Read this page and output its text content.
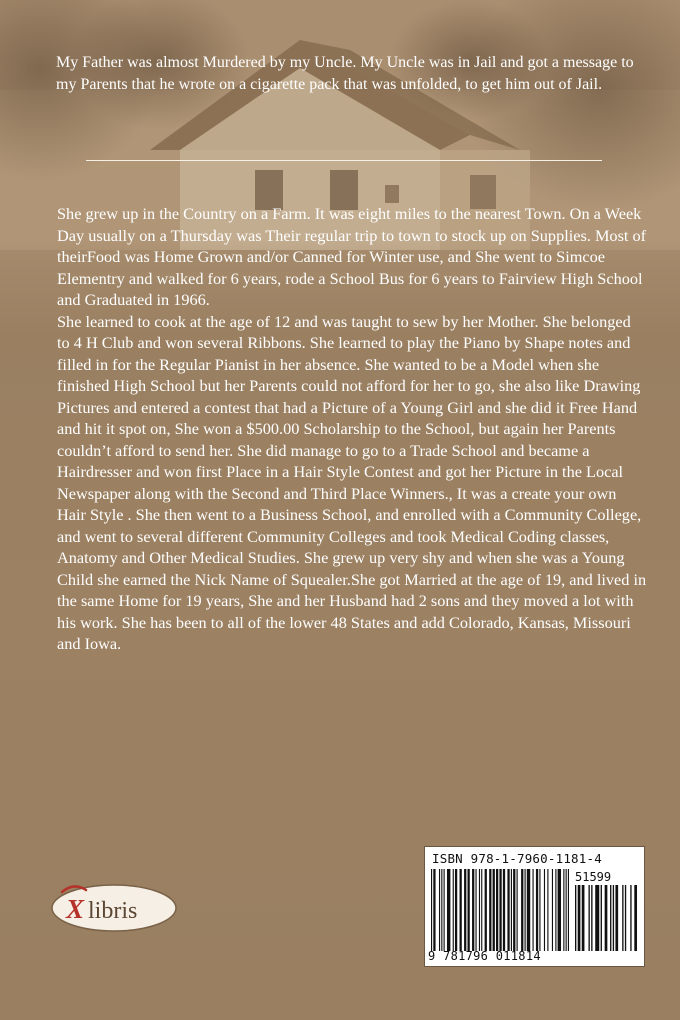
My Father was almost Murdered by my Uncle. My Uncle was in Jail and got a message to my Parents that he wrote on a cigarette pack that was unfolded, to get him out of Jail.

She grew up in the Country on a Farm. It was eight miles to the nearest Town. On a Week Day usually on a Thursday was Their regular trip to town to stock up on Supplies. Most of theirFood was Home Grown and/or Canned for Winter use, and She went to Simcoe Elementry and walked for 6 years, rode a School Bus for 6 years to Fairview High School and Graduated in 1966.

She learned to cook at the age of 12 and was taught to sew by her Mother. She belonged to 4 H Club and won several Ribbons. She learned to play the Piano by Shape notes and filled in for the Regular Pianist in her absence. She wanted to be a Model when she finished High School but her Parents could not afford for her to go, she also like Drawing Pictures and entered a contest that had a Picture of a Young Girl and she did it Free Hand and hit it spot on, She won a $500.00 Scholarship to the School, but again her Parents couldn’t afford to send her. She did manage to go to a Trade School and became a Hairdresser and won first Place in a Hair Style Contest and got her Picture in the Local Newspaper along with the Second and Third Place Winners., It was a create your own Hair Style . She then went to a Business School, and enrolled with a Community College, and went to several different Community Colleges and took Medical Coding classes, Anatomy and Other Medical Studies. She grew up very shy and when she was a Young Child she earned the Nick Name of Squealer.She got Married at the age of 19, and lived in the same Home for 19 years, She and her Husband had 2 sons and they moved a lot with his work. She has been to all of the lower 48 States and add Colorado, Kansas, Missouri and Iowa.

X libris
ISBN 978-1-7960-1181-4
51599
9 781796 011814
